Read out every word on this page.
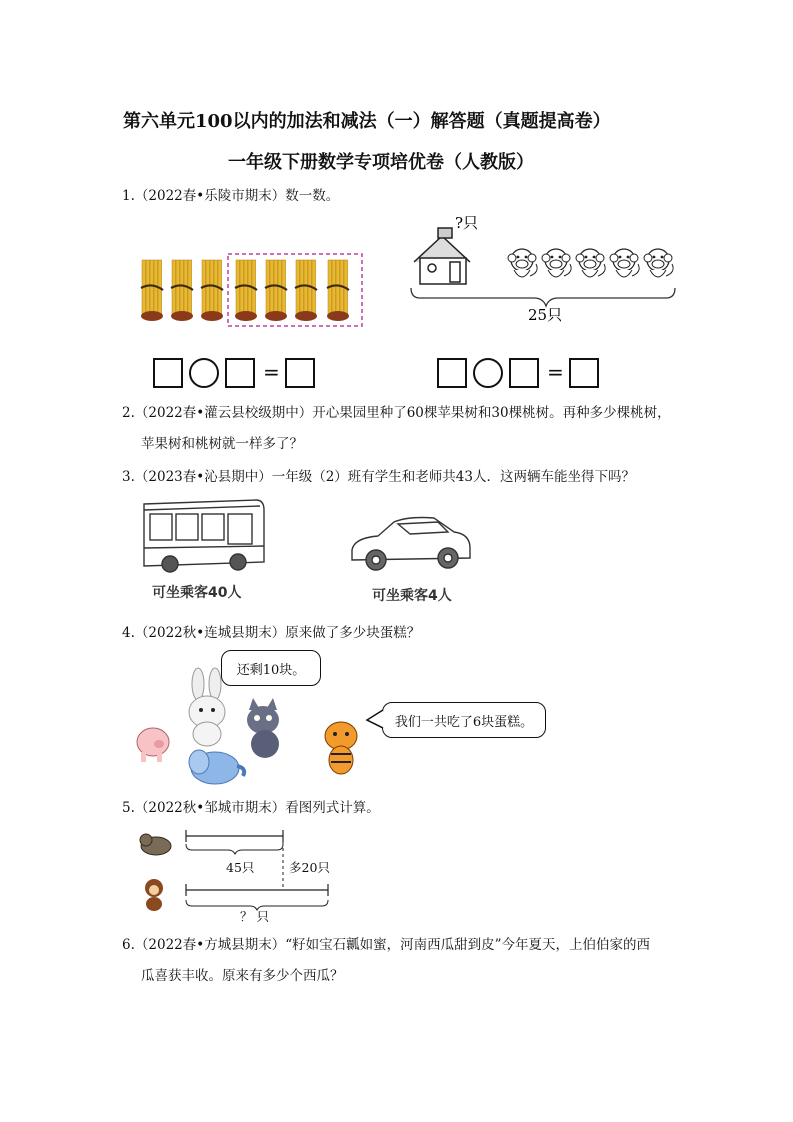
第六单元100以内的加法和减法（一）解答题（真题提高卷）
一年级下册数学专项培优卷（人教版）
1.（2022春•乐陵市期末）数一数。
?只
25只
=	=
2.（2022春•灌云县校级期中）开心果园里种了60棵苹果树和30棵桃树。再种多少棵桃树，
苹果树和桃树就一样多了？
3.（2023春•沁县期中）一年级（2）班有学生和老师共43人．这两辆车能坐得下吗？
可坐乘客40人	可坐乘客4人
4.（2022秋•连城县期末）原来做了多少块蛋糕？
还剩10块。
我们一共吃了6块蛋糕。
5.（2022秋•邹城市期末）看图列式计算。
45只	多20只
？ 只
6.（2022春•方城县期末）“籽如宝石瓤如蜜，河南西瓜甜到皮”今年夏天，上伯伯家的西
瓜喜获丰收。原来有多少个西瓜？
